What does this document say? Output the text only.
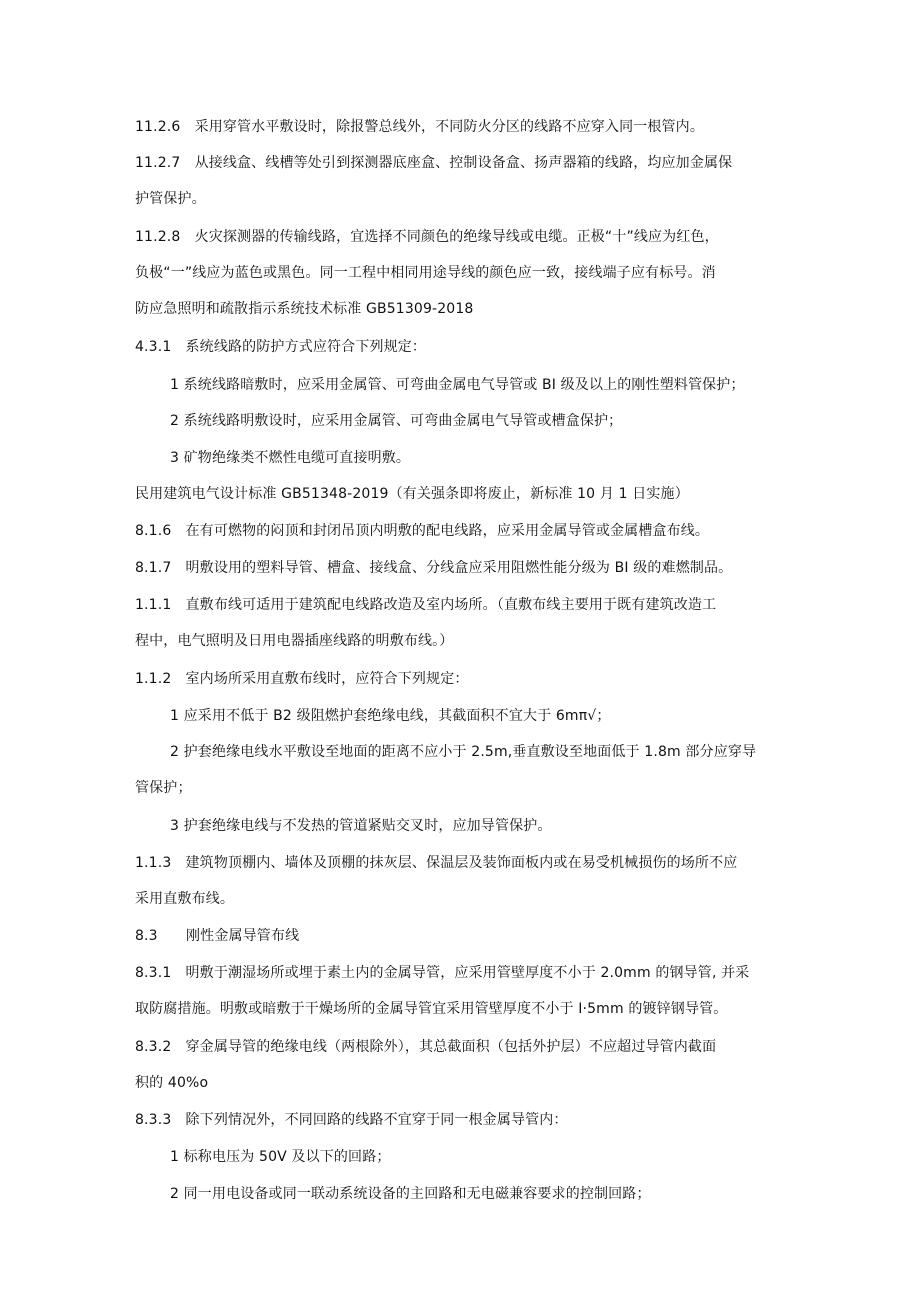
11.2.6　采用穿管水平敷设时，除报警总线外，不同防火分区的线路不应穿入同一根管内。
11.2.7　从接线盒、线槽等处引到探测器底座盒、控制设备盒、扬声器箱的线路，均应加金属保
护管保护。
11.2.8　火灾探测器的传输线路，宜选择不同颜色的绝缘导线或电缆。正极“十”线应为红色，
负极“一”线应为蓝色或黑色。同一工程中相同用途导线的颜色应一致，接线端子应有标号。消
防应急照明和疏散指示系统技术标准 GB51309-2018
4.3.1　系统线路的防护方式应符合下列规定：
1 系统线路暗敷时，应采用金属管、可弯曲金属电气导管或 BI 级及以上的刚性塑料管保护；
2 系统线路明敷设时，应采用金属管、可弯曲金属电气导管或槽盒保护；
3 矿物绝缘类不燃性电缆可直接明敷。
民用建筑电气设计标准 GB51348-2019（有关强条即将废止，新标准 10 月 1 日实施）
8.1.6　在有可燃物的闷顶和封闭吊顶内明敷的配电线路，应采用金属导管或金属槽盒布线。
8.1.7　明敷设用的塑料导管、槽盒、接线盒、分线盒应采用阻燃性能分级为 BI 级的难燃制品。
1.1.1　直敷布线可适用于建筑配电线路改造及室内场所。（直敷布线主要用于既有建筑改造工
程中，电气照明及日用电器插座线路的明敷布线。）
1.1.2　室内场所采用直敷布线时，应符合下列规定：
1 应采用不低于 B2 级阻燃护套绝缘电线，其截面积不宜大于 6mπ√；
2 护套绝缘电线水平敷设至地面的距离不应小于 2.5m,垂直敷设至地面低于 1.8m 部分应穿导
管保护；
3 护套绝缘电线与不发热的管道紧贴交叉时，应加导管保护。
1.1.3　建筑物顶棚内、墙体及顶棚的抹灰层、保温层及装饰面板内或在易受机械损伤的场所不应
采用直敷布线。
8.3　　刚性金属导管布线
8.3.1　明敷于潮湿场所或埋于素土内的金属导管，应采用管壁厚度不小于 2.0mm 的钢导管, 并采
取防腐措施。明敷或暗敷于干燥场所的金属导管宜采用管壁厚度不小于 I·5mm 的镀锌钢导管。
8.3.2　穿金属导管的绝缘电线（两根除外），其总截面积（包括外护层）不应超过导管内截面
积的 40%o
8.3.3　除下列情况外，不同回路的线路不宜穿于同一根金属导管内：
1 标称电压为 50V 及以下的回路；
2 同一用电设备或同一联动系统设备的主回路和无电磁兼容要求的控制回路；
